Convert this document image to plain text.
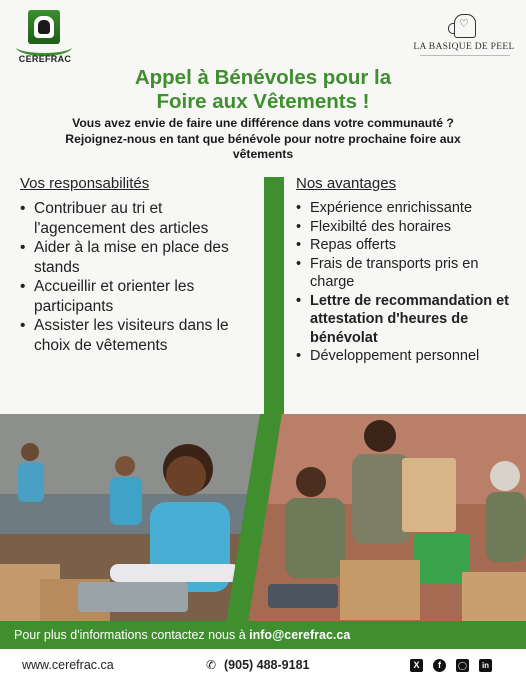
CEREFRAC
♡
LA BASIQUE DE PEEL
Appel à Bénévoles pour la
Foire aux Vêtements !
Vous avez envie de faire une différence dans votre communauté ?
Rejoignez-nous en tant que bénévole pour notre prochaine foire aux
vêtements
Vos responsabilités
• Contribuer au tri et l'agencement des articles
• Aider à la mise en place des stands
• Accueillir et orienter les participants
• Assister les visiteurs dans le choix de vêtements
Nos avantages
• Expérience enrichissante
• Flexibilté des horaires
• Repas offerts
• Frais de transports pris en charge
• Lettre de recommandation et attestation d'heures de bénévolat
• Développement personnel
Pour plus d'informations contactez nous à info@cerefrac.ca
www.cerefrac.ca	✆ (905) 488-9181	X	f	◯	in
